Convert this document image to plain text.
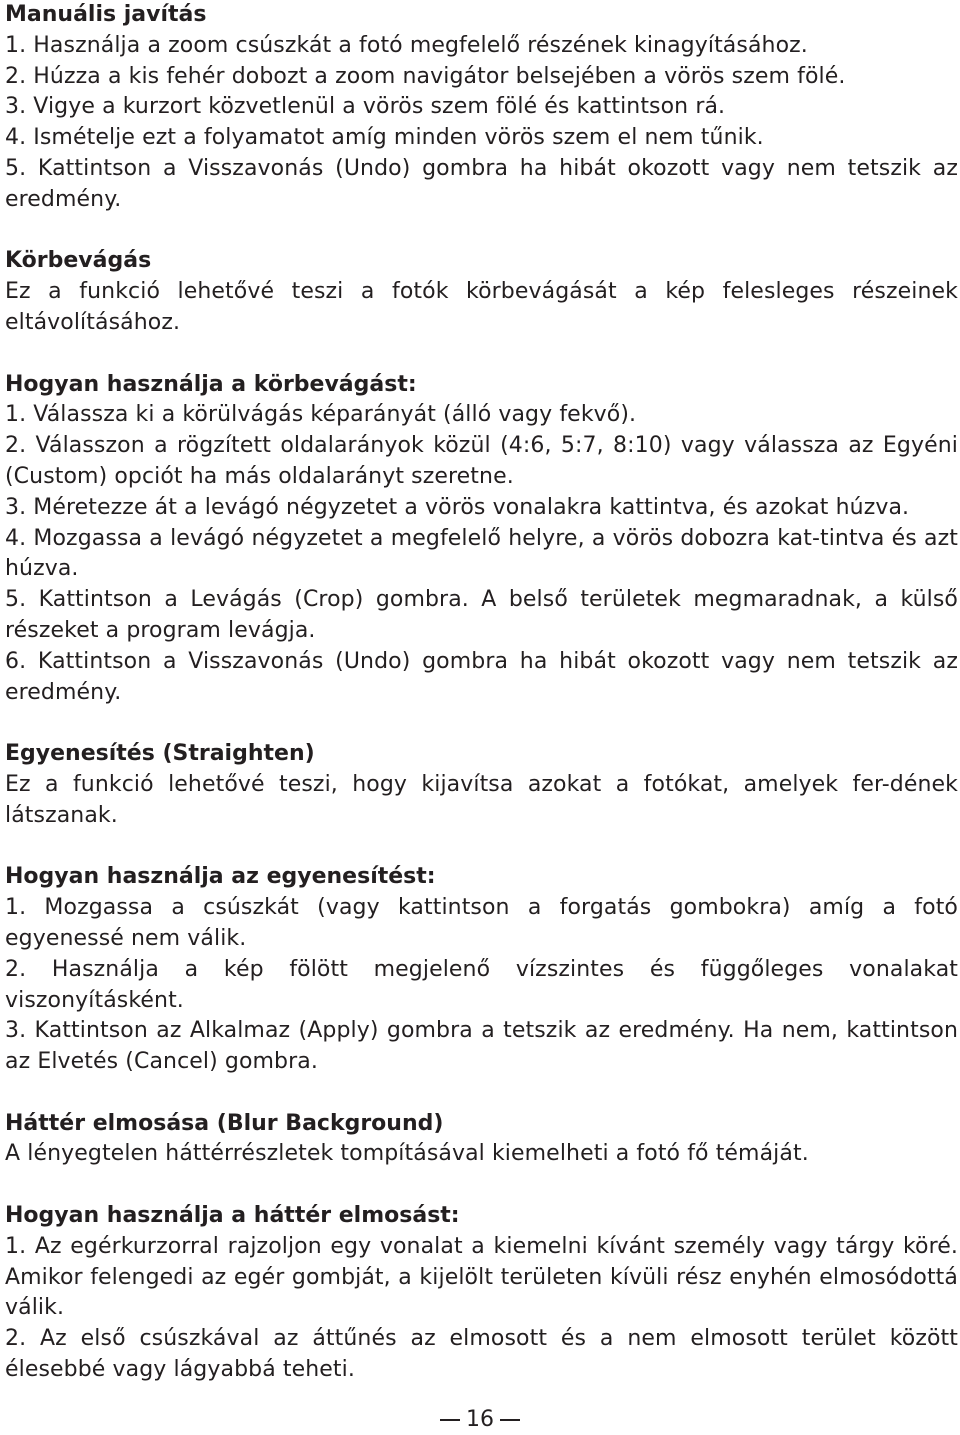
Manuális javítás

1. Használja a zoom csúszkát a fotó megfelelő részének kinagyításához.

2. Húzza a kis fehér dobozt a zoom navigátor belsejében a vörös szem fölé.

3. Vigye a kurzort közvetlenül a vörös szem fölé és kattintson rá.

4. Ismételje ezt a folyamatot amíg minden vörös szem el nem tűnik.

5. Kattintson a Visszavonás (Undo) gombra ha hibát okozott vagy nem tetszik az eredmény.

Körbevágás

Ez a funkció lehetővé teszi a fotók körbevágását a kép felesleges részeinek eltávolításához.

Hogyan használja a körbevágást:

1. Válassza ki a körülvágás képarányát (álló vagy fekvő).

2. Válasszon a rögzített oldalarányok közül (4:6, 5:7, 8:10) vagy válassza az Egyéni (Custom) opciót ha más oldalarányt szeretne.

3. Méretezze át a levágó négyzetet a vörös vonalakra kattintva, és azokat húzva.

4. Mozgassa a levágó négyzetet a megfelelő helyre, a vörös dobozra kat-tintva és azt húzva.

5. Kattintson a Levágás (Crop) gombra. A belső területek megmaradnak, a külső részeket a program levágja.

6. Kattintson a Visszavonás (Undo) gombra ha hibát okozott vagy nem tetszik az eredmény.

Egyenesítés (Straighten)

Ez a funkció lehetővé teszi, hogy kijavítsa azokat a fotókat, amelyek fer-dének látszanak.

Hogyan használja az egyenesítést:

1. Mozgassa a csúszkát (vagy kattintson a forgatás gombokra) amíg a fotó egyenessé nem válik.

2. Használja a kép fölött megjelenő vízszintes és függőleges vonalakat viszonyításként.

3. Kattintson az Alkalmaz (Apply) gombra a tetszik az eredmény. Ha nem, kattintson az Elvetés (Cancel) gombra.

Háttér elmosása (Blur Background)

A lényegtelen háttérrészletek tompításával kiemelheti a fotó fő témáját.

Hogyan használja a háttér elmosást:

1. Az egérkurzorral rajzoljon egy vonalat a kiemelni kívánt személy vagy tárgy köré. Amikor felengedi az egér gombját, a kijelölt területen kívüli rész enyhén elmosódottá válik.

2. Az első csúszkával az áttűnés az elmosott és a nem elmosott terület között élesebbé vagy lágyabbá teheti.

16
